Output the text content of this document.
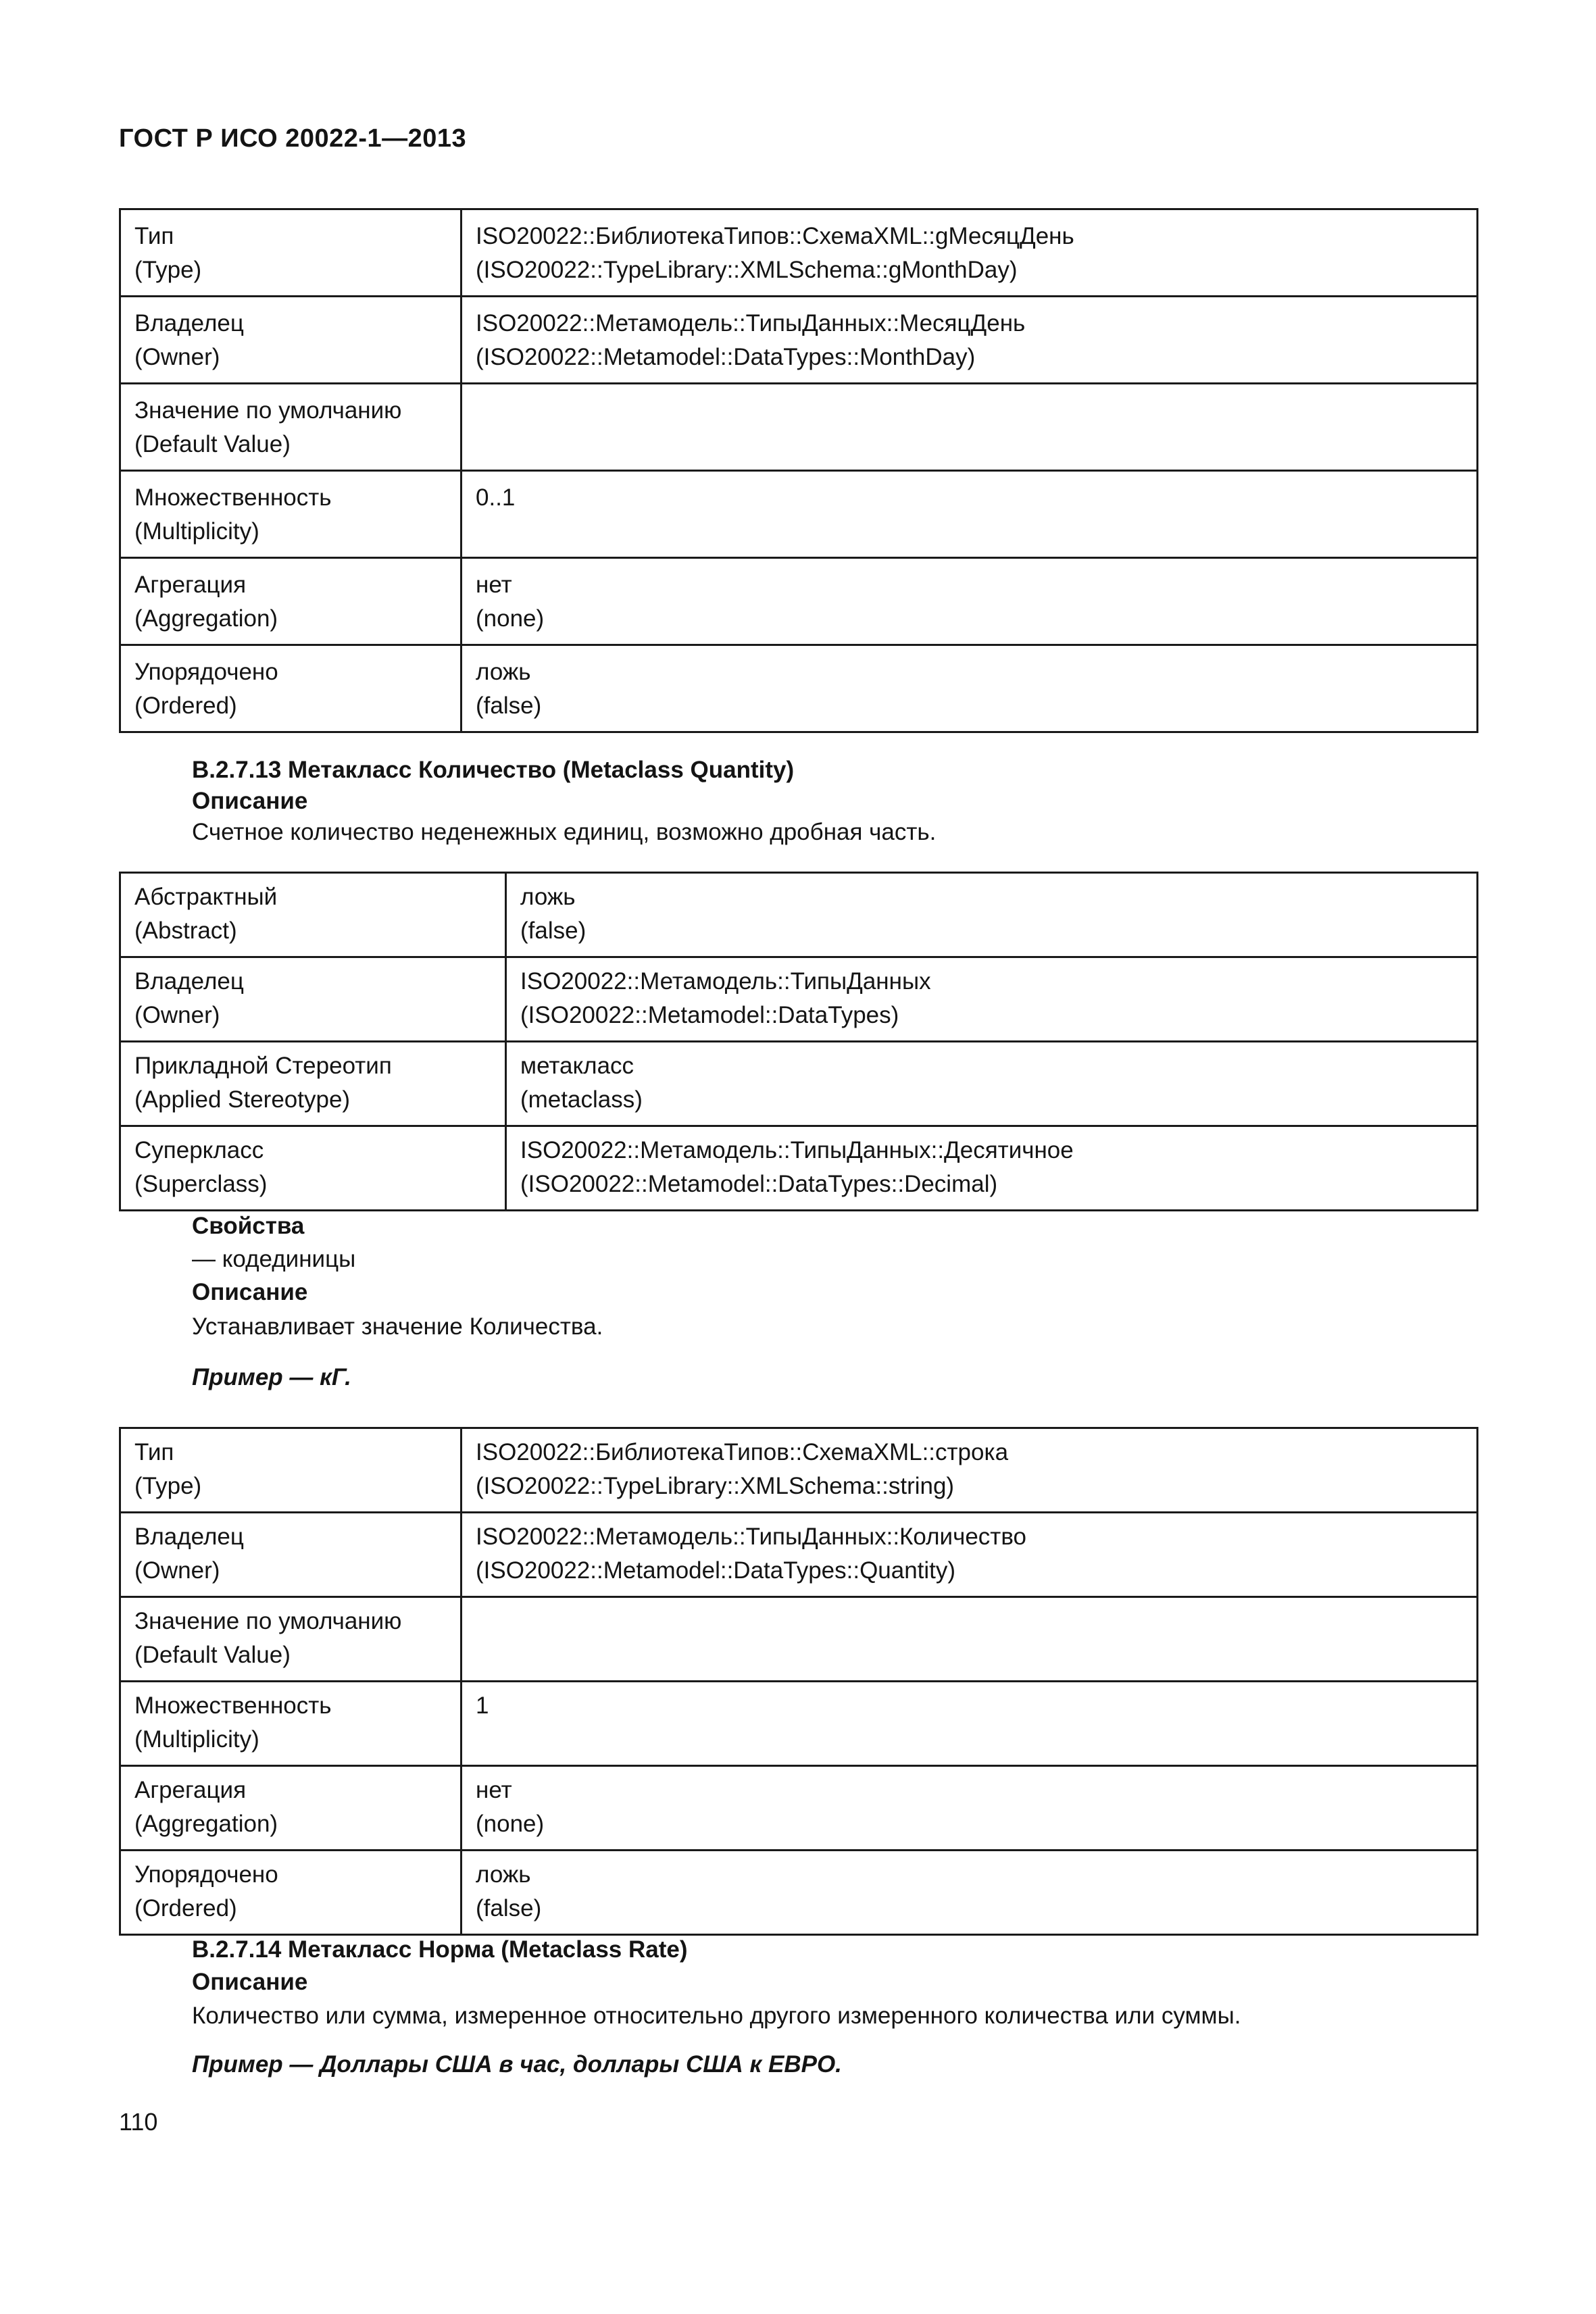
ГОСТ Р ИСО 20022-1—2013
Тип
(Type)	ISO20022::БиблиотекаТипов::СхемаXML::gМесяцДень
(ISO20022::TypeLibrary::XMLSchema::gMonthDay)

Владелец
(Owner)	ISO20022::Метамодель::ТипыДанных::МесяцДень
(ISO20022::Metamodel::DataTypes::MonthDay)

Значение по умолчанию
(Default Value)	

Множественность
(Multiplicity)	0..1

Агрегация
(Aggregation)	нет
(none)

Упорядочено
(Ordered)	ложь
(false)
В.2.7.13 Метакласс Количество (Metaclass Quantity)
Описание
Счетное количество неденежных единиц, возможно дробная часть.
Абстрактный
(Abstract)	ложь
(false)

Владелец
(Owner)	ISO20022::Метамодель::ТипыДанных
(ISO20022::Metamodel::DataTypes)

Прикладной Стереотип
(Applied Stereotype)	метакласс
(metaclass)

Суперкласс
(Superclass)	ISO20022::Метамодель::ТипыДанных::Десятичное
(ISO20022::Metamodel::DataTypes::Decimal)
Свойства
— кодединицы
Описание
Устанавливает значение Количества.
Пример — кГ.
Тип
(Type)	ISO20022::БиблиотекаТипов::СхемаXML::строка
(ISO20022::TypeLibrary::XMLSchema::string)

Владелец
(Owner)	ISO20022::Метамодель::ТипыДанных::Количество
(ISO20022::Metamodel::DataTypes::Quantity)

Значение по умолчанию
(Default Value)	

Множественность
(Multiplicity)	1

Агрегация
(Aggregation)	нет
(none)

Упорядочено
(Ordered)	ложь
(false)
В.2.7.14 Метакласс Норма (Metaclass Rate)
Описание
Количество или сумма, измеренное относительно другого измеренного количества или суммы.
Пример — Доллары США в час, доллары США к ЕВРО.
110
